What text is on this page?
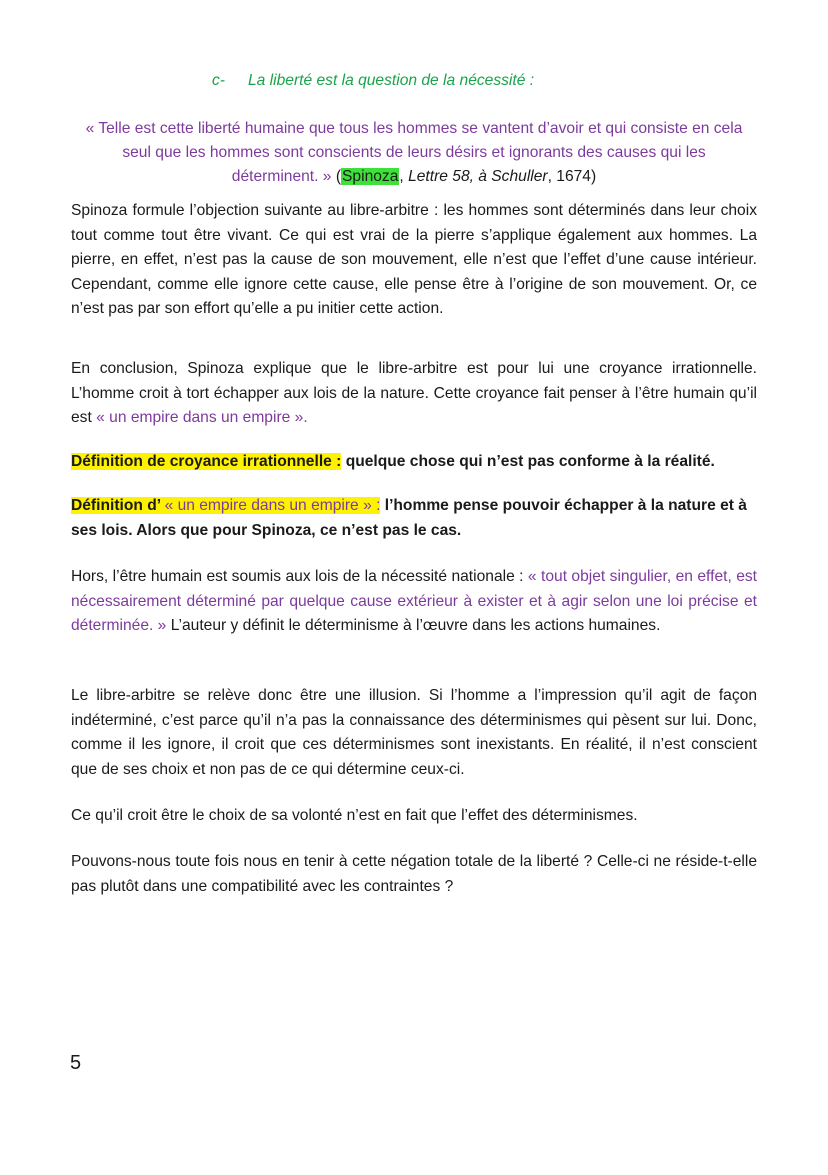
c- La liberté est la question de la nécessité :
« Telle est cette liberté humaine que tous les hommes se vantent d’avoir et qui consiste en cela seul que les hommes sont conscients de leurs désirs et ignorants des causes qui les déterminent. » (Spinoza, Lettre 58, à Schuller, 1674)

Spinoza formule l’objection suivante au libre-arbitre : les hommes sont déterminés dans leur choix tout comme tout être vivant. Ce qui est vrai de la pierre s’applique également aux hommes. La pierre, en effet, n’est pas la cause de son mouvement, elle n’est que l’effet d’une cause intérieur. Cependant, comme elle ignore cette cause, elle pense être à l’origine de son mouvement. Or, ce n’est pas par son effort qu’elle a pu initier cette action.

En conclusion, Spinoza explique que le libre-arbitre est pour lui une croyance irrationnelle. L’homme croit à tort échapper aux lois de la nature. Cette croyance fait penser à l’être humain qu’il est « un empire dans un empire ».

Définition de croyance irrationnelle : quelque chose qui n’est pas conforme à la réalité.

Définition d’ « un empire dans un empire » : l’homme pense pouvoir échapper à la nature et à ses lois. Alors que pour Spinoza, ce n’est pas le cas.

Hors, l’être humain est soumis aux lois de la nécessité nationale : « tout objet singulier, en effet, est nécessairement déterminé par quelque cause extérieur à exister et à agir selon une loi précise et déterminée. » L’auteur y définit le déterminisme à l’œuvre dans les actions humaines.

Le libre-arbitre se relève donc être une illusion. Si l’homme a l’impression qu’il agit de façon indéterminé, c’est parce qu’il n’a pas la connaissance des déterminismes qui pèsent sur lui. Donc, comme il les ignore, il croit que ces déterminismes sont inexistants. En réalité, il n’est conscient que de ses choix et non pas de ce qui détermine ceux-ci.

Ce qu’il croit être le choix de sa volonté n’est en fait que l’effet des déterminismes.

Pouvons-nous toute fois nous en tenir à cette négation totale de la liberté ? Celle-ci ne réside-t-elle pas plutôt dans une compatibilité avec les contraintes ?

5
